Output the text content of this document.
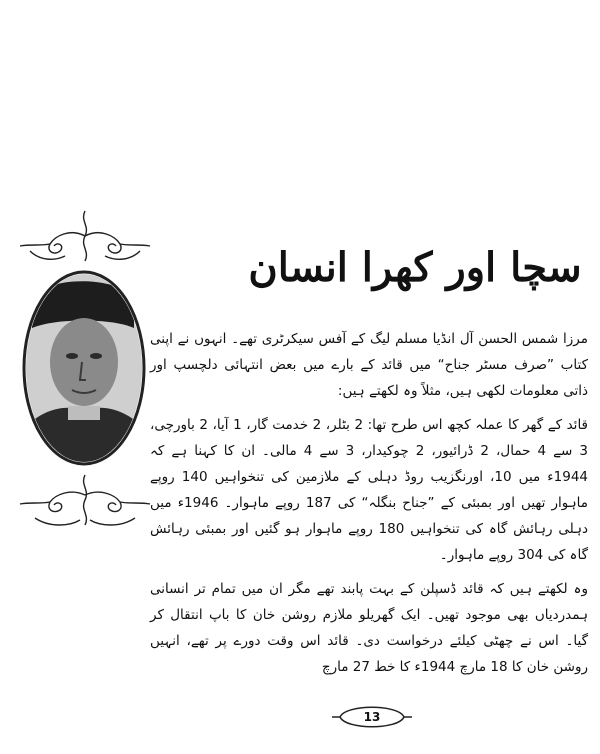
سچا اور کھرا انسان

مرزا شمس الحسن آل انڈیا مسلم لیگ کے آفس سیکرٹری تھے۔ انہوں نے اپنی کتاب ”صرف مسٹر جناح“ میں قائد کے بارے میں بعض انتہائی دلچسپ اور ذاتی معلومات لکھی ہیں، مثلاً وہ لکھتے ہیں:

قائد کے گھر کا عملہ کچھ اس طرح تھا: 2 بٹلر، 2 خدمت گار، 1 آیا، 2 باورچی، 3 سے 4 حمال، 2 ڈرائیور، 2 چوکیدار، 3 سے 4 مالی۔ ان کا کہنا ہے کہ 1944ء میں 10، اورنگزیب روڈ دہلی کے ملازمین کی تنخواہیں 140 روپے ماہوار تھیں اور بمبئی کے ”جناح بنگلہ“ کی 187 روپے ماہوار۔ 1946ء میں دہلی رہائش گاہ کی تنخواہیں 180 روپے ماہوار ہو گئیں اور بمبئی رہائش گاہ کی 304 روپے ماہوار۔

وہ لکھتے ہیں کہ قائد ڈسپلن کے بہت پابند تھے مگر ان میں تمام تر انسانی ہمدردیاں بھی موجود تھیں۔ ایک گھریلو ملازم روشن خان کا باپ انتقال کر گیا۔ اس نے چھٹی کیلئے درخواست دی۔ قائد اس وقت دورے پر تھے، انہیں روشن خان کا 18 مارچ 1944ء کا خط 27 مارچ

13
